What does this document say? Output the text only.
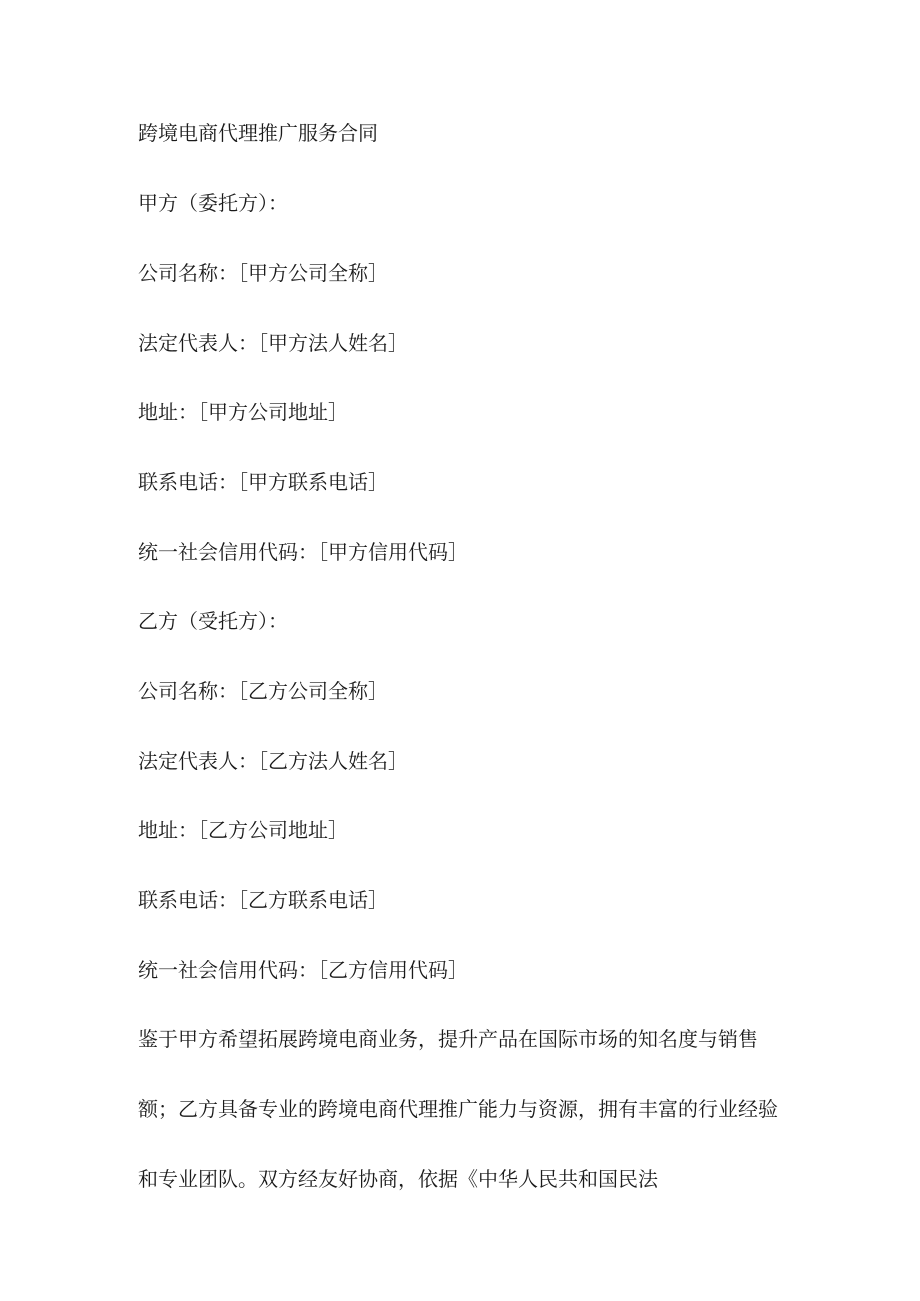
跨境电商代理推广服务合同
甲方（委托方）：
公司名称：［甲方公司全称］
法定代表人：［甲方法人姓名］
地址：［甲方公司地址］
联系电话：［甲方联系电话］
统一社会信用代码：［甲方信用代码］
乙方（受托方）：
公司名称：［乙方公司全称］
法定代表人：［乙方法人姓名］
地址：［乙方公司地址］
联系电话：［乙方联系电话］
统一社会信用代码：［乙方信用代码］
鉴于甲方希望拓展跨境电商业务，提升产品在国际市场的知名度与销售
额；乙方具备专业的跨境电商代理推广能力与资源，拥有丰富的行业经验
和专业团队。双方经友好协商，依据《中华人民共和国民法
